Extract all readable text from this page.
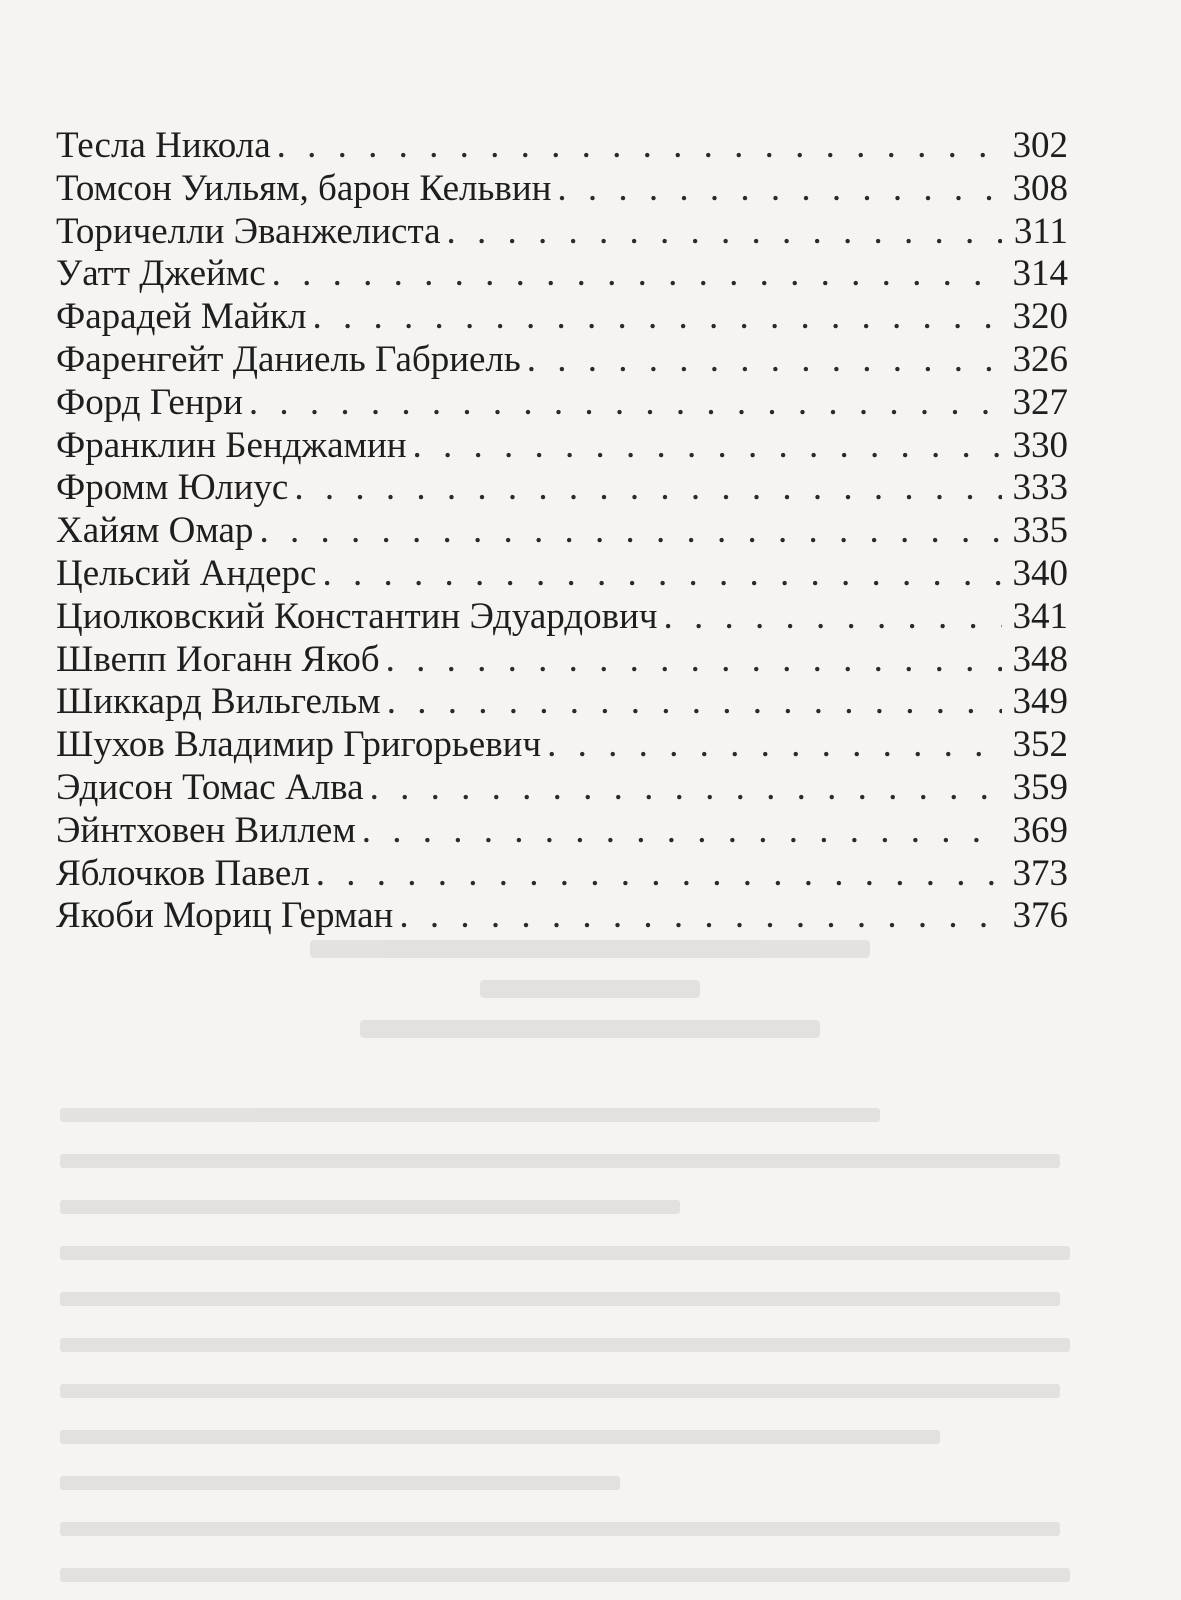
Тесла Никола . . .	302
Томсон Уильям, барон Кельвин . . .	308
Торичелли Эванжелиста . . .	311
Уатт Джеймс . . .	314
Фарадей Майкл . . .	320
Фаренгейт Даниель Габриель . . .	326
Форд Генри . . .	327
Франклин Бенджамин . . .	330
Фромм Юлиус . . .	333
Хайям Омар . . .	335
Цельсий Андерс . . .	340
Циолковский Константин Эдуардович . . .	341
Швепп Иоганн Якоб . . .	348
Шиккард Вильгельм . . .	349
Шухов Владимир Григорьевич . . .	352
Эдисон Томас Алва . . .	359
Эйнтховен Виллем . . .	369
Яблочков Павел . . .	373
Якоби Мориц Герман . . .	376
